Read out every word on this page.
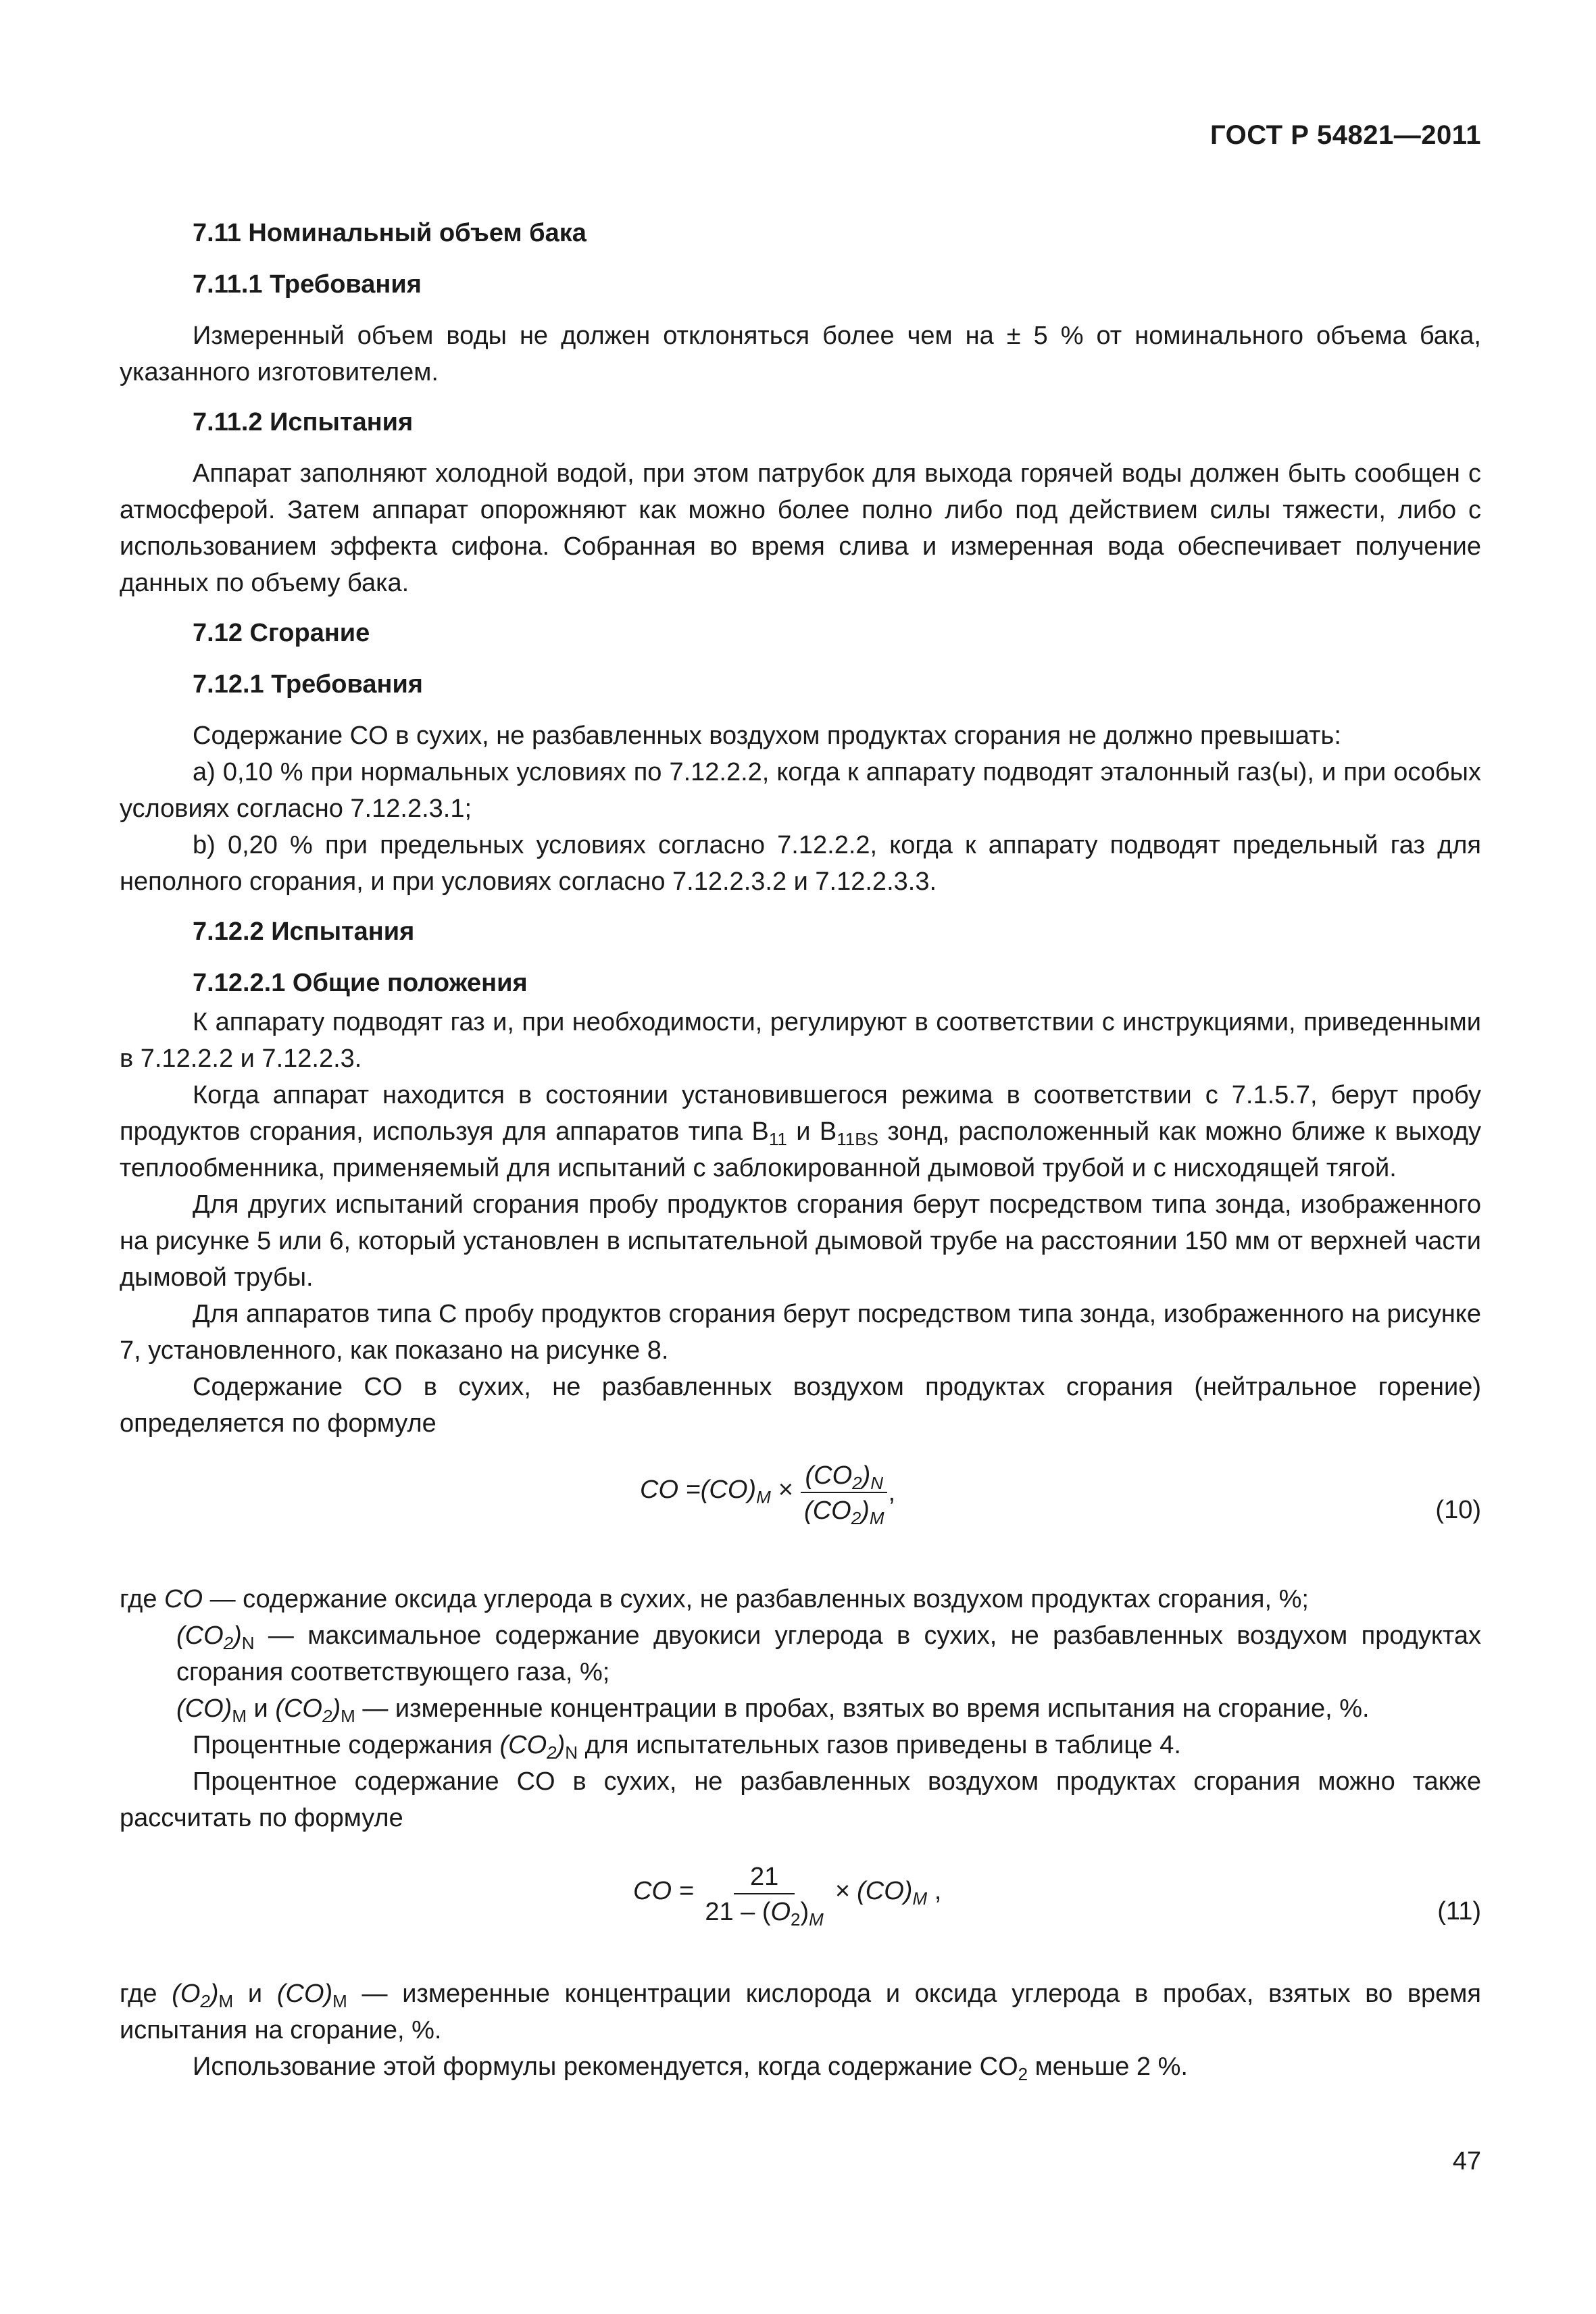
ГОСТ Р 54821—2011
7.11 Номинальный объем бака
7.11.1 Требования

Измеренный объем воды не должен отклоняться более чем на ± 5 % от номинального объема бака, указанного изготовителем.

7.11.2 Испытания

Аппарат заполняют холодной водой, при этом патрубок для выхода горячей воды должен быть сообщен с атмосферой. Затем аппарат опорожняют как можно более полно либо под действием силы тяжести, либо с использованием эффекта сифона. Собранная во время слива и измеренная вода обеспечивает получение данных по объему бака.

7.12 Сгорание
7.12.1 Требования

Содержание CO в сухих, не разбавленных воздухом продуктах сгорания не должно превышать:

a) 0,10 % при нормальных условиях по 7.12.2.2, когда к аппарату подводят эталонный газ(ы), и при особых условиях согласно 7.12.2.3.1;

b) 0,20 % при предельных условиях согласно 7.12.2.2, когда к аппарату подводят предельный газ для неполного сгорания, и при условиях согласно 7.12.2.3.2 и 7.12.2.3.3.

7.12.2 Испытания
7.12.2.1 Общие положения

К аппарату подводят газ и, при необходимости, регулируют в соответствии с инструкциями, приведенными в 7.12.2.2 и 7.12.2.3.

Когда аппарат находится в состоянии установившегося режима в соответствии с 7.1.5.7, берут пробу продуктов сгорания, используя для аппаратов типа $B_{11}$ и $B_{11BS}$ зонд, расположенный как можно ближе к выходу теплообменника, применяемый для испытаний с заблокированной дымовой трубой и с нисходящей тягой.

Для других испытаний сгорания пробу продуктов сгорания берут посредством типа зонда, изображенного на рисунке 5 или 6, который установлен в испытательной дымовой трубе на расстоянии 150 мм от верхней части дымовой трубы.

Для аппаратов типа C пробу продуктов сгорания берут посредством типа зонда, изображенного на рисунке 7, установленного, как показано на рисунке 8.

Содержание CO в сухих, не разбавленных воздухом продуктах сгорания (нейтральное горение) определяется по формуле

CO $=(CO)_M \times \frac{(CO_2)_N}{(CO_2)_M}$ ,
(10)

где CO — содержание оксида углерода в сухих, не разбавленных воздухом продуктах сгорания, %;

$(CO_2)_N$ — максимальное содержание двуокиси углерода в сухих, не разбавленных воздухом продуктах сгорания соответствующего газа, %;

$(CO)_M$ и $(CO_2)_M$ — измеренные концентрации в пробах, взятых во время испытания на сгорание, %.

Процентные содержания $(CO_2)_N$ для испытательных газов приведены в таблице 4.

Процентное содержание CO в сухих, не разбавленных воздухом продуктах сгорания можно также рассчитать по формуле

CO = $\frac{21}{21 - (O_2)_M} \times (CO)_M$ ,
(11)

где $(O_2)_M$ и $(CO)_M$ — измеренные концентрации кислорода и оксида углерода в пробах, взятых во время испытания на сгорание, %.

Использование этой формулы рекомендуется, когда содержание $CO_2$ меньше 2 %.

47
